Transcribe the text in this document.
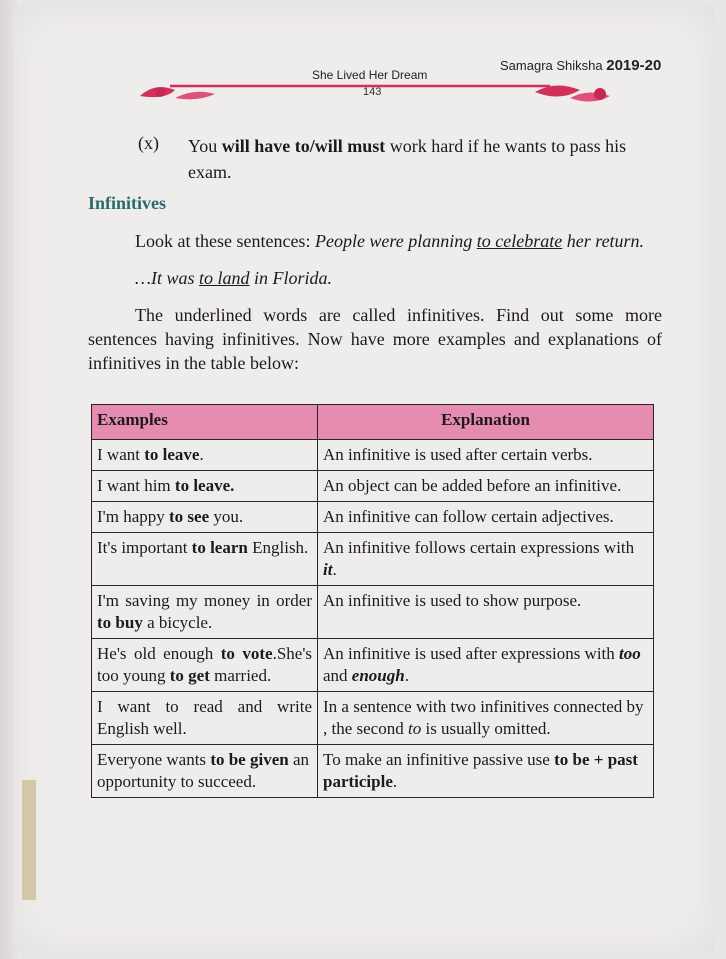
Samagra Shiksha 2019-20
She Lived Her Dream
143
(x) You will have to/will must work hard if he wants to pass his exam.
Infinitives
Look at these sentences: People were planning to celebrate her return.
…It was to land in Florida.
The underlined words are called infinitives. Find out some more sentences having infinitives. Now have more examples and explanations of infinitives in the table below:
Examples	Explanation
I want to leave.	An infinitive is used after certain verbs.
I want him to leave.	An object can be added before an infinitive.
I'm happy to see you.	An infinitive can follow certain adjectives.
It's important to learn English.	An infinitive follows certain expressions with it.
I'm saving my money in order to buy a bicycle.	An infinitive is used to show purpose.
He's old enough to vote.She's too young to get married.	An infinitive is used after expressions with too and enough.
I want to read and write English well.	In a sentence with two infinitives connected by , the second to is usually omitted.
Everyone wants to be given an opportunity to succeed.	To make an infinitive passive use to be + past participle.
